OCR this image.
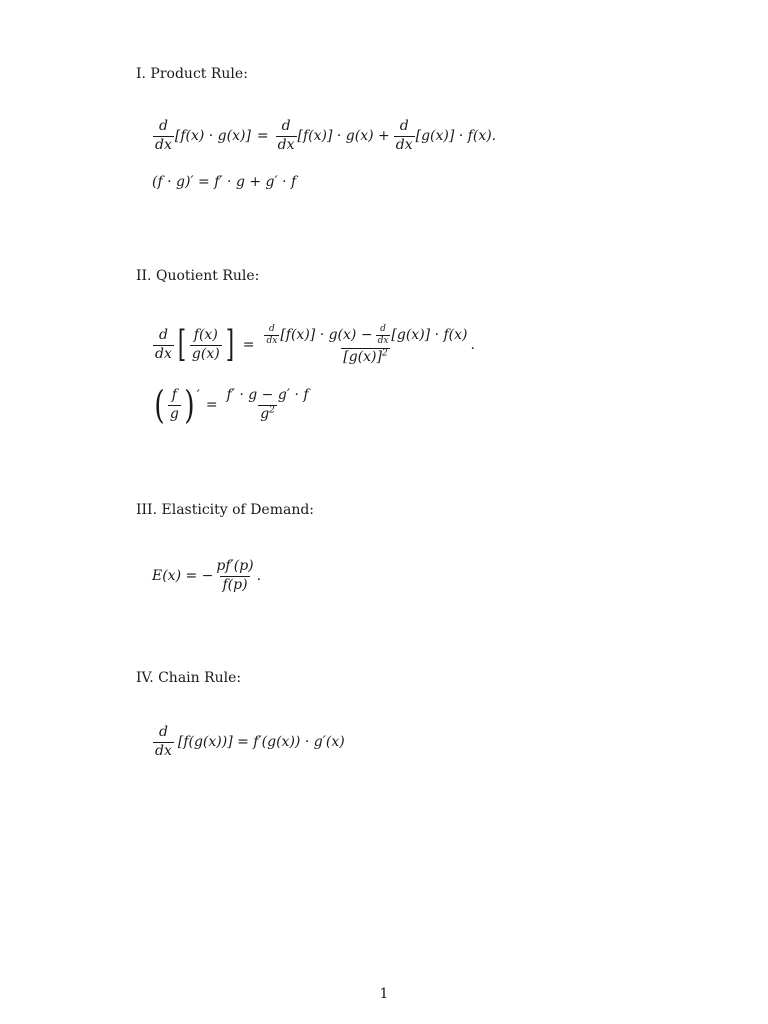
I. Product Rule:
$\frac{d}{dx} [f(x) \cdot g(x)] = \frac{d}{dx} [f(x)] \cdot g(x) + \frac{d}{dx} [g(x)] \cdot f(x)$.
(f · g)′ = f′ · g + g′ · f
II. Quotient Rule:
$\frac{d}{dx}$ [ $\frac{f(x)}{g(x)}$ ] = $\frac{d}{dx} [f(x)] \cdot g(x) - \frac{d}{dx} [g(x)] \cdot f(x)$
$[g(x)]^2$	.
( $\frac{f}{g}$ ) ′
= $\frac{f' \cdot g - g' \cdot f}{g^2}$
III. Elasticity of Demand:
E(x) = − $\frac{pf'(p)}{f(p)}$ .
IV. Chain Rule:
$\frac{d}{dx} [f(g(x))] = f'(g(x)) \cdot g'(x)$
1
